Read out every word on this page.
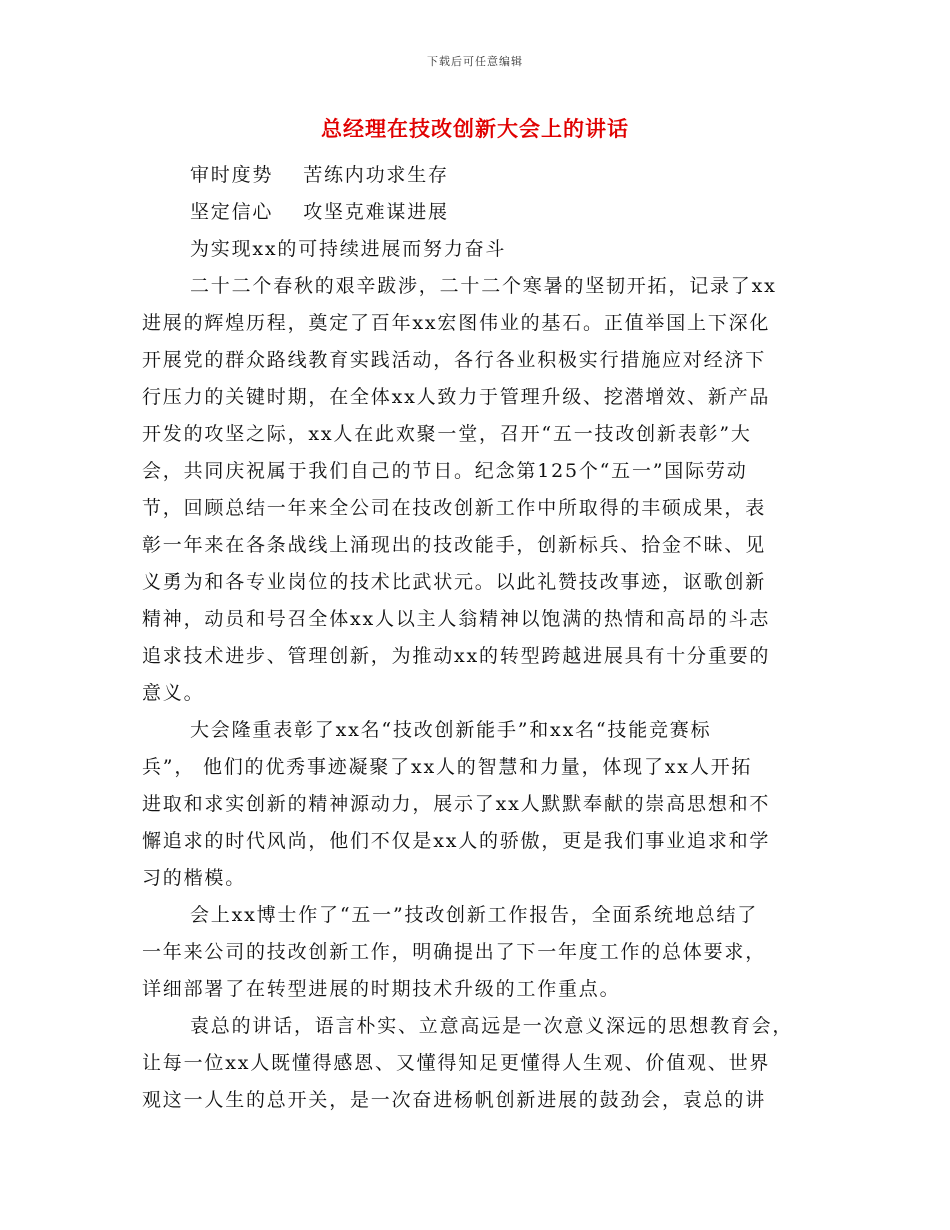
下载后可任意编辑
总经理在技改创新大会上的讲话
审时度势 苦练内功求生存
坚定信心 攻坚克难谋进展
为实现xx的可持续进展而努力奋斗
二十二个春秋的艰辛跋涉，二十二个寒暑的坚韧开拓，记录了xx
进展的辉煌历程，奠定了百年xx宏图伟业的基石。正值举国上下深化
开展党的群众路线教育实践活动，各行各业积极实行措施应对经济下
行压力的关键时期，在全体xx人致力于管理升级、挖潜增效、新产品
开发的攻坚之际，xx人在此欢聚一堂，召开“五一技改创新表彰”大
会，共同庆祝属于我们自己的节日。纪念第125个“五一”国际劳动
节，回顾总结一年来全公司在技改创新工作中所取得的丰硕成果，表
彰一年来在各条战线上涌现出的技改能手，创新标兵、拾金不昧、见
义勇为和各专业岗位的技术比武状元。以此礼赞技改事迹，讴歌创新
精神，动员和号召全体xx人以主人翁精神以饱满的热情和高昂的斗志
追求技术进步、管理创新，为推动xx的转型跨越进展具有十分重要的
意义。
大会隆重表彰了xx名“技改创新能手”和xx名“技能竞赛标
兵”， 他们的优秀事迹凝聚了xx人的智慧和力量，体现了xx人开拓
进取和求实创新的精神源动力，展示了xx人默默奉献的崇高思想和不
懈追求的时代风尚，他们不仅是xx人的骄傲，更是我们事业追求和学
习的楷模。
会上xx博士作了“五一”技改创新工作报告，全面系统地总结了
一年来公司的技改创新工作，明确提出了下一年度工作的总体要求，
详细部署了在转型进展的时期技术升级的工作重点。
袁总的讲话，语言朴实、立意高远是一次意义深远的思想教育会，
让每一位xx人既懂得感恩、又懂得知足更懂得人生观、价值观、世界
观这一人生的总开关，是一次奋进杨帆创新进展的鼓劲会，袁总的讲
